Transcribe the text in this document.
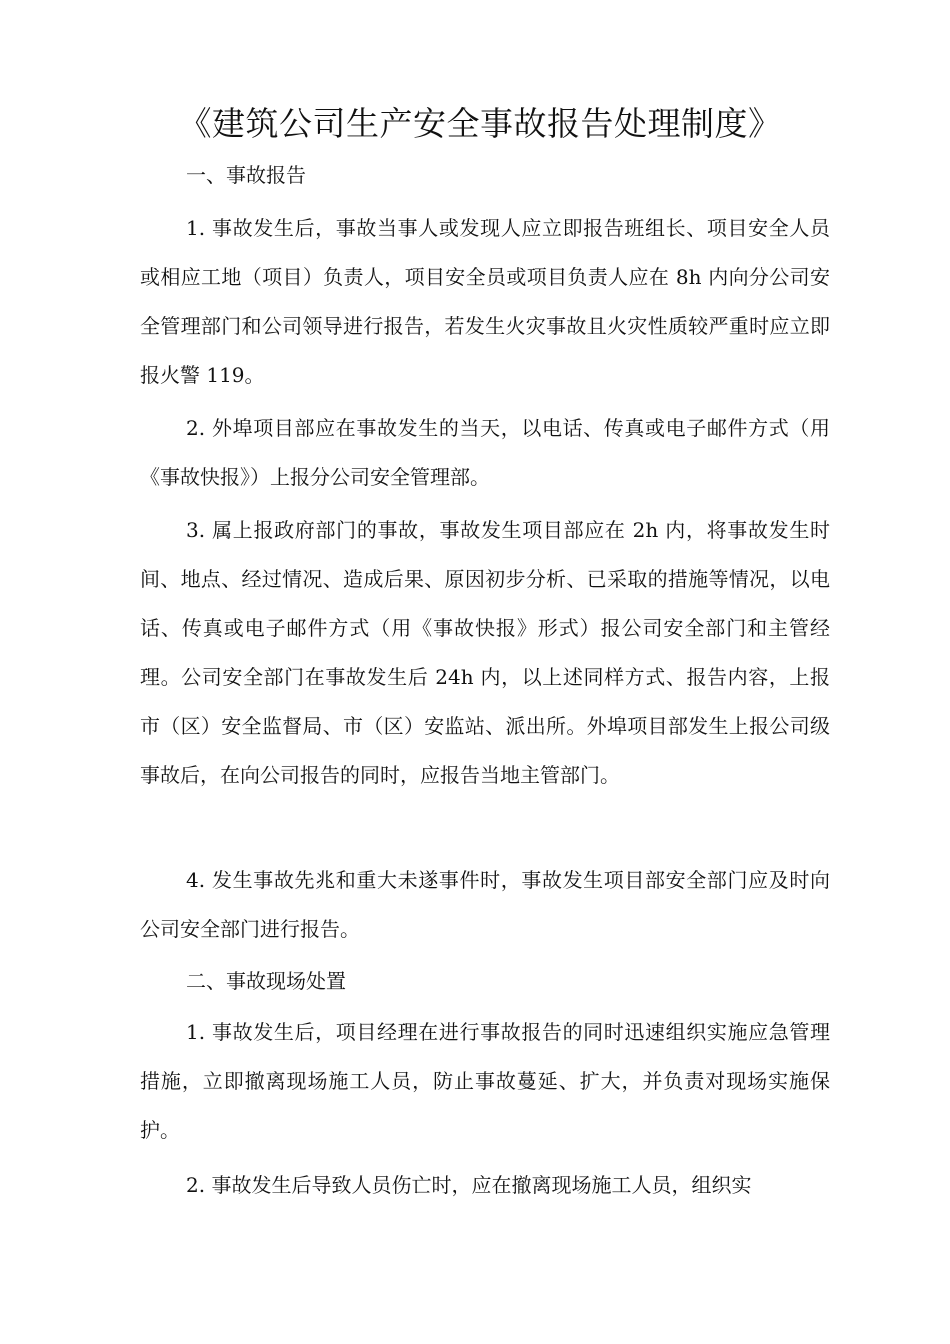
《建筑公司生产安全事故报告处理制度》
一、事故报告
1. 事故发生后，事故当事人或发现人应立即报告班组长、项目安全人员或相应工地（项目）负责人，项目安全员或项目负责人应在 8h 内向分公司安全管理部门和公司领导进行报告，若发生火灾事故且火灾性质较严重时应立即报火警 119。
2. 外埠项目部应在事故发生的当天，以电话、传真或电子邮件方式（用《事故快报》）上报分公司安全管理部。
3. 属上报政府部门的事故，事故发生项目部应在 2h 内，将事故发生时间、地点、经过情况、造成后果、原因初步分析、已采取的措施等情况，以电话、传真或电子邮件方式（用《事故快报》形式）报公司安全部门和主管经理。公司安全部门在事故发生后 24h 内，以上述同样方式、报告内容，上报市（区）安全监督局、市（区）安监站、派出所。外埠项目部发生上报公司级事故后，在向公司报告的同时，应报告当地主管部门。
4. 发生事故先兆和重大未遂事件时，事故发生项目部安全部门应及时向公司安全部门进行报告。
二、事故现场处置
1. 事故发生后，项目经理在进行事故报告的同时迅速组织实施应急管理措施，立即撤离现场施工人员，防止事故蔓延、扩大，并负责对现场实施保护。
2. 事故发生后导致人员伤亡时，应在撤离现场施工人员，组织实
